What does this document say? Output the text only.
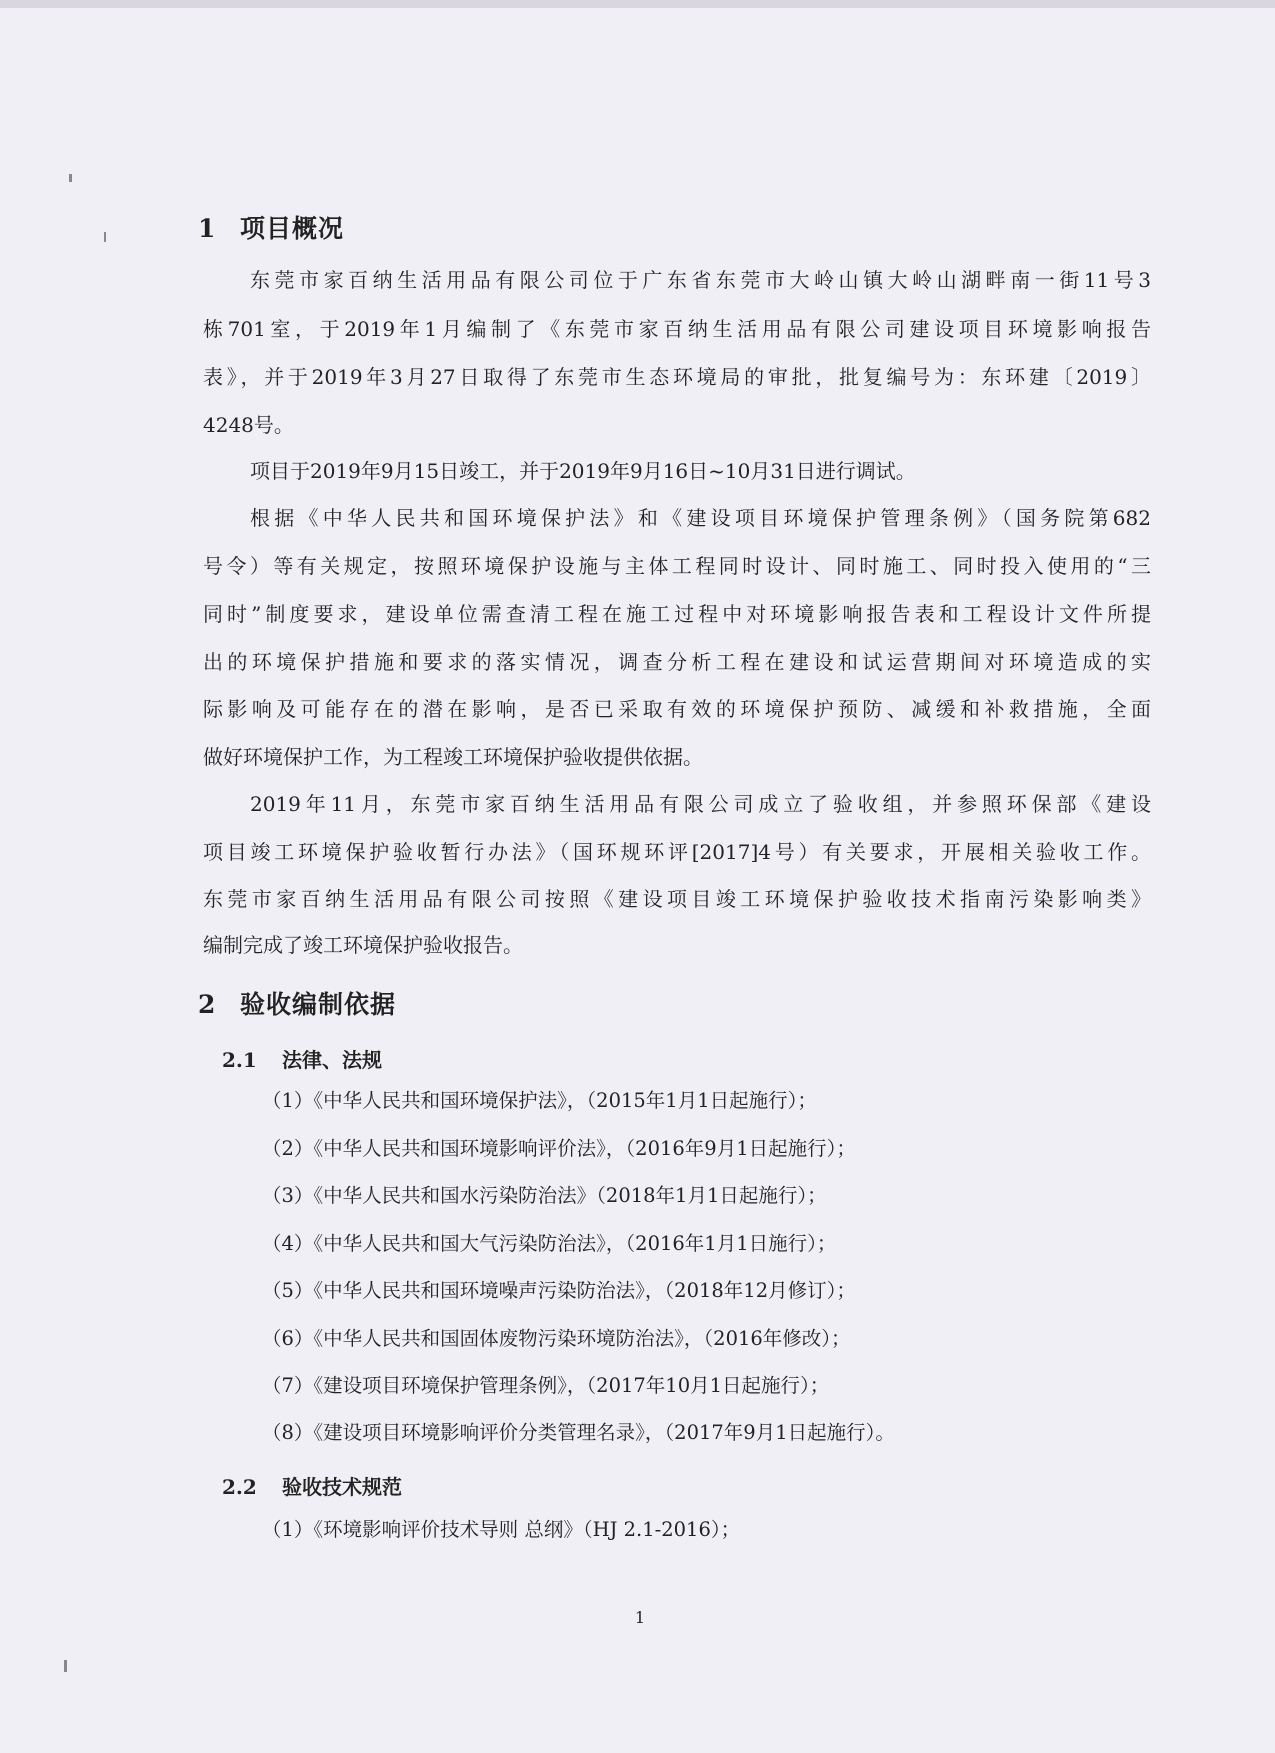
1 项目概况
东莞市家百纳生活用品有限公司位于广东省东莞市大岭山镇大岭山湖畔南一街11号3
栋701室，于2019年1月编制了《东莞市家百纳生活用品有限公司建设项目环境影响报告
表》，并于2019年3月27日取得了东莞市生态环境局的审批，批复编号为：东环建〔2019〕
4248号。
项目于2019年9月15日竣工，并于2019年9月16日~10月31日进行调试。
根据《中华人民共和国环境保护法》和《建设项目环境保护管理条例》（国务院第682
号令）等有关规定，按照环境保护设施与主体工程同时设计、同时施工、同时投入使用的“三
同时”制度要求，建设单位需查清工程在施工过程中对环境影响报告表和工程设计文件所提
出的环境保护措施和要求的落实情况，调查分析工程在建设和试运营期间对环境造成的实
际影响及可能存在的潜在影响，是否已采取有效的环境保护预防、减缓和补救措施，全面
做好环境保护工作，为工程竣工环境保护验收提供依据。
2019年11月，东莞市家百纳生活用品有限公司成立了验收组，并参照环保部《建设
项目竣工环境保护验收暂行办法》（国环规环评[2017]4号）有关要求，开展相关验收工作。
东莞市家百纳生活用品有限公司按照《建设项目竣工环境保护验收技术指南污染影响类》
编制完成了竣工环境保护验收报告。
2 验收编制依据
2.1 法律、法规
（1）《中华人民共和国环境保护法》，（2015年1月1日起施行）；
（2）《中华人民共和国环境影响评价法》，（2016年9月1日起施行）；
（3）《中华人民共和国水污染防治法》（2018年1月1日起施行）；
（4）《中华人民共和国大气污染防治法》，（2016年1月1日施行）；
（5）《中华人民共和国环境噪声污染防治法》，（2018年12月修订）；
（6）《中华人民共和国固体废物污染环境防治法》，（2016年修改）；
（7）《建设项目环境保护管理条例》，（2017年10月1日起施行）；
（8）《建设项目环境影响评价分类管理名录》，（2017年9月1日起施行）。
2.2 验收技术规范
（1）《环境影响评价技术导则 总纲》（HJ 2.1-2016）；
1
